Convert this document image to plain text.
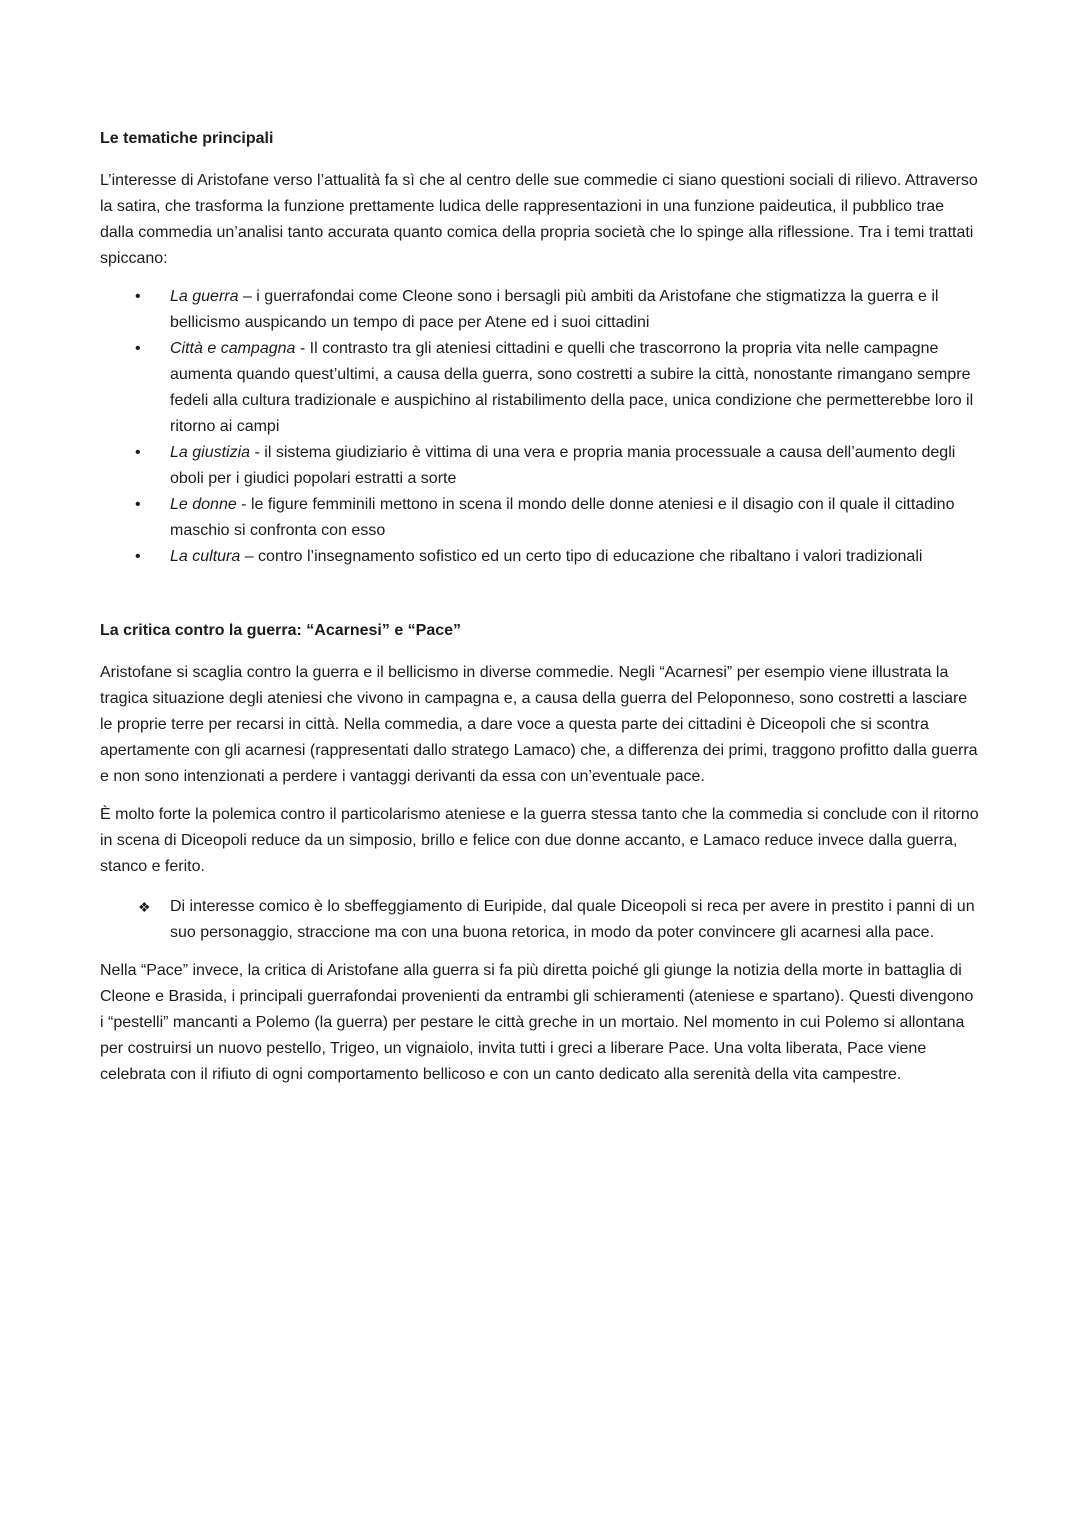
Le tematiche principali

L’interesse di Aristofane verso l’attualità fa sì che al centro delle sue commedie ci siano questioni sociali di rilievo. Attraverso la satira, che trasforma la funzione prettamente ludica delle rappresentazioni in una funzione paideutica, il pubblico trae dalla commedia un’analisi tanto accurata quanto comica della propria società che lo spinge alla riflessione. Tra i temi trattati spiccano:

•	La guerra – i guerrafondai come Cleone sono i bersagli più ambiti da Aristofane che stigmatizza la guerra e il bellicismo auspicando un tempo di pace per Atene ed i suoi cittadini
•	Città e campagna - Il contrasto tra gli ateniesi cittadini e quelli che trascorrono la propria vita nelle campagne aumenta quando quest’ultimi, a causa della guerra, sono costretti a subire la città, nonostante rimangano sempre fedeli alla cultura tradizionale e auspichino al ristabilimento della pace, unica condizione che permetterebbe loro il ritorno ai campi
•	La giustizia - il sistema giudiziario è vittima di una vera e propria mania processuale a causa dell’aumento degli oboli per i giudici popolari estratti a sorte
•	Le donne - le figure femminili mettono in scena il mondo delle donne ateniesi e il disagio con il quale il cittadino maschio si confronta con esso
•	La cultura – contro l’insegnamento sofistico ed un certo tipo di educazione che ribaltano i valori tradizionali
La critica contro la guerra: “Acarnesi” e “Pace”

Aristofane si scaglia contro la guerra e il bellicismo in diverse commedie. Negli “Acarnesi” per esempio viene illustrata la tragica situazione degli ateniesi che vivono in campagna e, a causa della guerra del Peloponneso, sono costretti a lasciare le proprie terre per recarsi in città. Nella commedia, a dare voce a questa parte dei cittadini è Diceopoli che si scontra apertamente con gli acarnesi (rappresentati dallo stratego Lamaco) che, a differenza dei primi, traggono profitto dalla guerra e non sono intenzionati a perdere i vantaggi derivanti da essa con un’eventuale pace.

È molto forte la polemica contro il particolarismo ateniese e la guerra stessa tanto che la commedia si conclude con il ritorno in scena di Diceopoli reduce da un simposio, brillo e felice con due donne accanto, e Lamaco reduce invece dalla guerra, stanco e ferito.

❖	Di interesse comico è lo sbeffeggiamento di Euripide, dal quale Diceopoli si reca per avere in prestito i panni di un suo personaggio, straccione ma con una buona retorica, in modo da poter convincere gli acarnesi alla pace.

Nella “Pace” invece, la critica di Aristofane alla guerra si fa più diretta poiché gli giunge la notizia della morte in battaglia di Cleone e Brasida, i principali guerrafondai provenienti da entrambi gli schieramenti (ateniese e spartano). Questi divengono i “pestelli” mancanti a Polemo (la guerra) per pestare le città greche in un mortaio. Nel momento in cui Polemo si allontana per costruirsi un nuovo pestello, Trigeo, un vignaiolo, invita tutti i greci a liberare Pace. Una volta liberata, Pace viene celebrata con il rifiuto di ogni comportamento bellicoso e con un canto dedicato alla serenità della vita campestre.
